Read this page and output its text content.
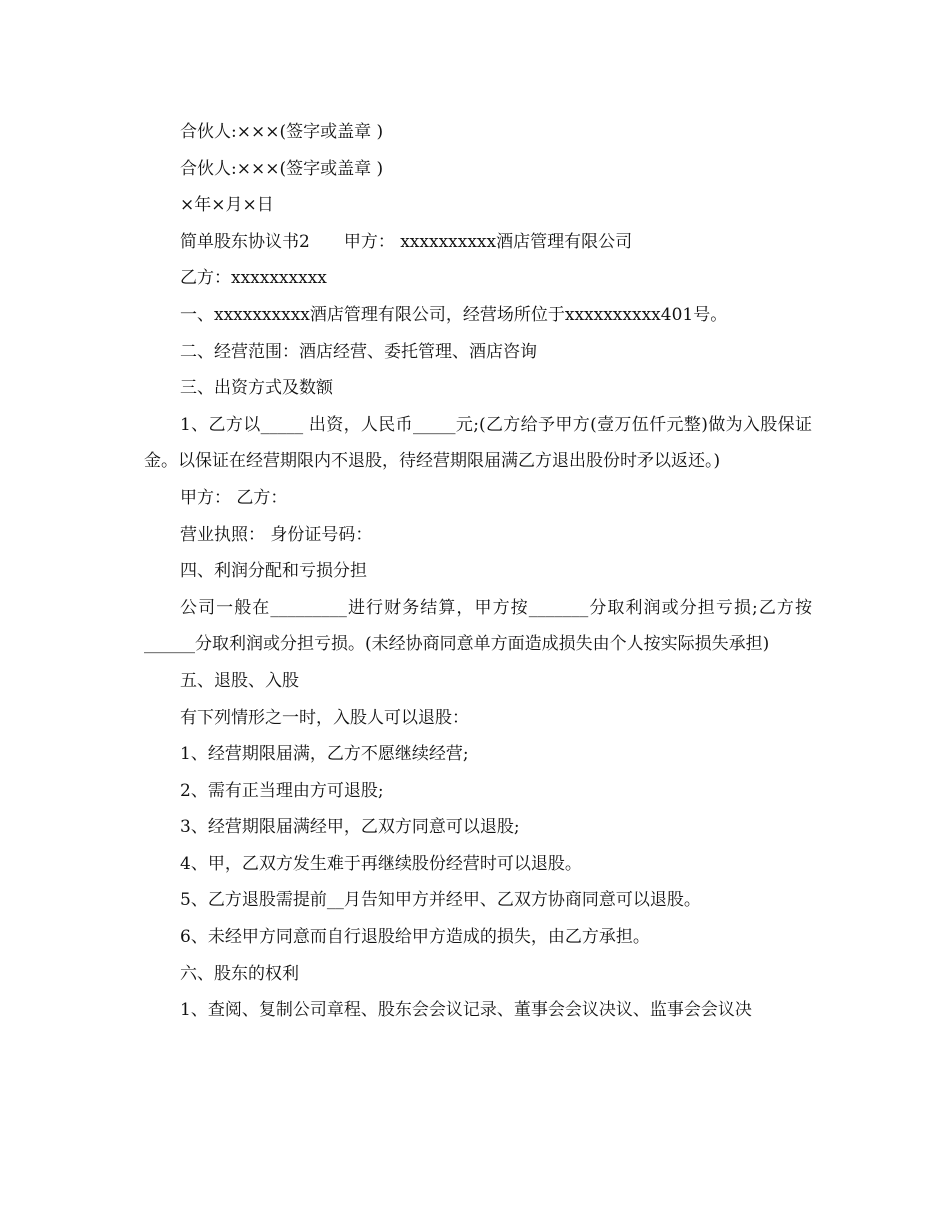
合伙人:×××(签字或盖章 )
合伙人:×××(签字或盖章 )
×年×月×日
简单股东协议书2　　甲方： xxxxxxxxxx酒店管理有限公司
乙方：xxxxxxxxxx
一、xxxxxxxxxx酒店管理有限公司，经营场所位于xxxxxxxxxx401号。
二、经营范围：酒店经营、委托管理、酒店咨询
三、出资方式及数额
1、乙方以_____ 出资，人民币_____元;(乙方给予甲方(壹万伍仟元整)做为入股保证金。以保证在经营期限内不退股，待经营期限届满乙方退出股份时矛以返还。)
甲方： 乙方：
营业执照： 身份证号码：
四、利润分配和亏损分担
公司一般在_________进行财务结算，甲方按_______分取利润或分担亏损;乙方按______分取利润或分担亏损。(未经协商同意单方面造成损失由个人按实际损失承担)
五、退股、入股
有下列情形之一时，入股人可以退股：
1、经营期限届满，乙方不愿继续经营;
2、需有正当理由方可退股;
3、经营期限届满经甲，乙双方同意可以退股;
4、甲，乙双方发生难于再继续股份经营时可以退股。
5、乙方退股需提前__月告知甲方并经甲、乙双方协商同意可以退股。
6、未经甲方同意而自行退股给甲方造成的损失，由乙方承担。
六、股东的权利
1、查阅、复制公司章程、股东会会议记录、董事会会议决议、监事会会议决
